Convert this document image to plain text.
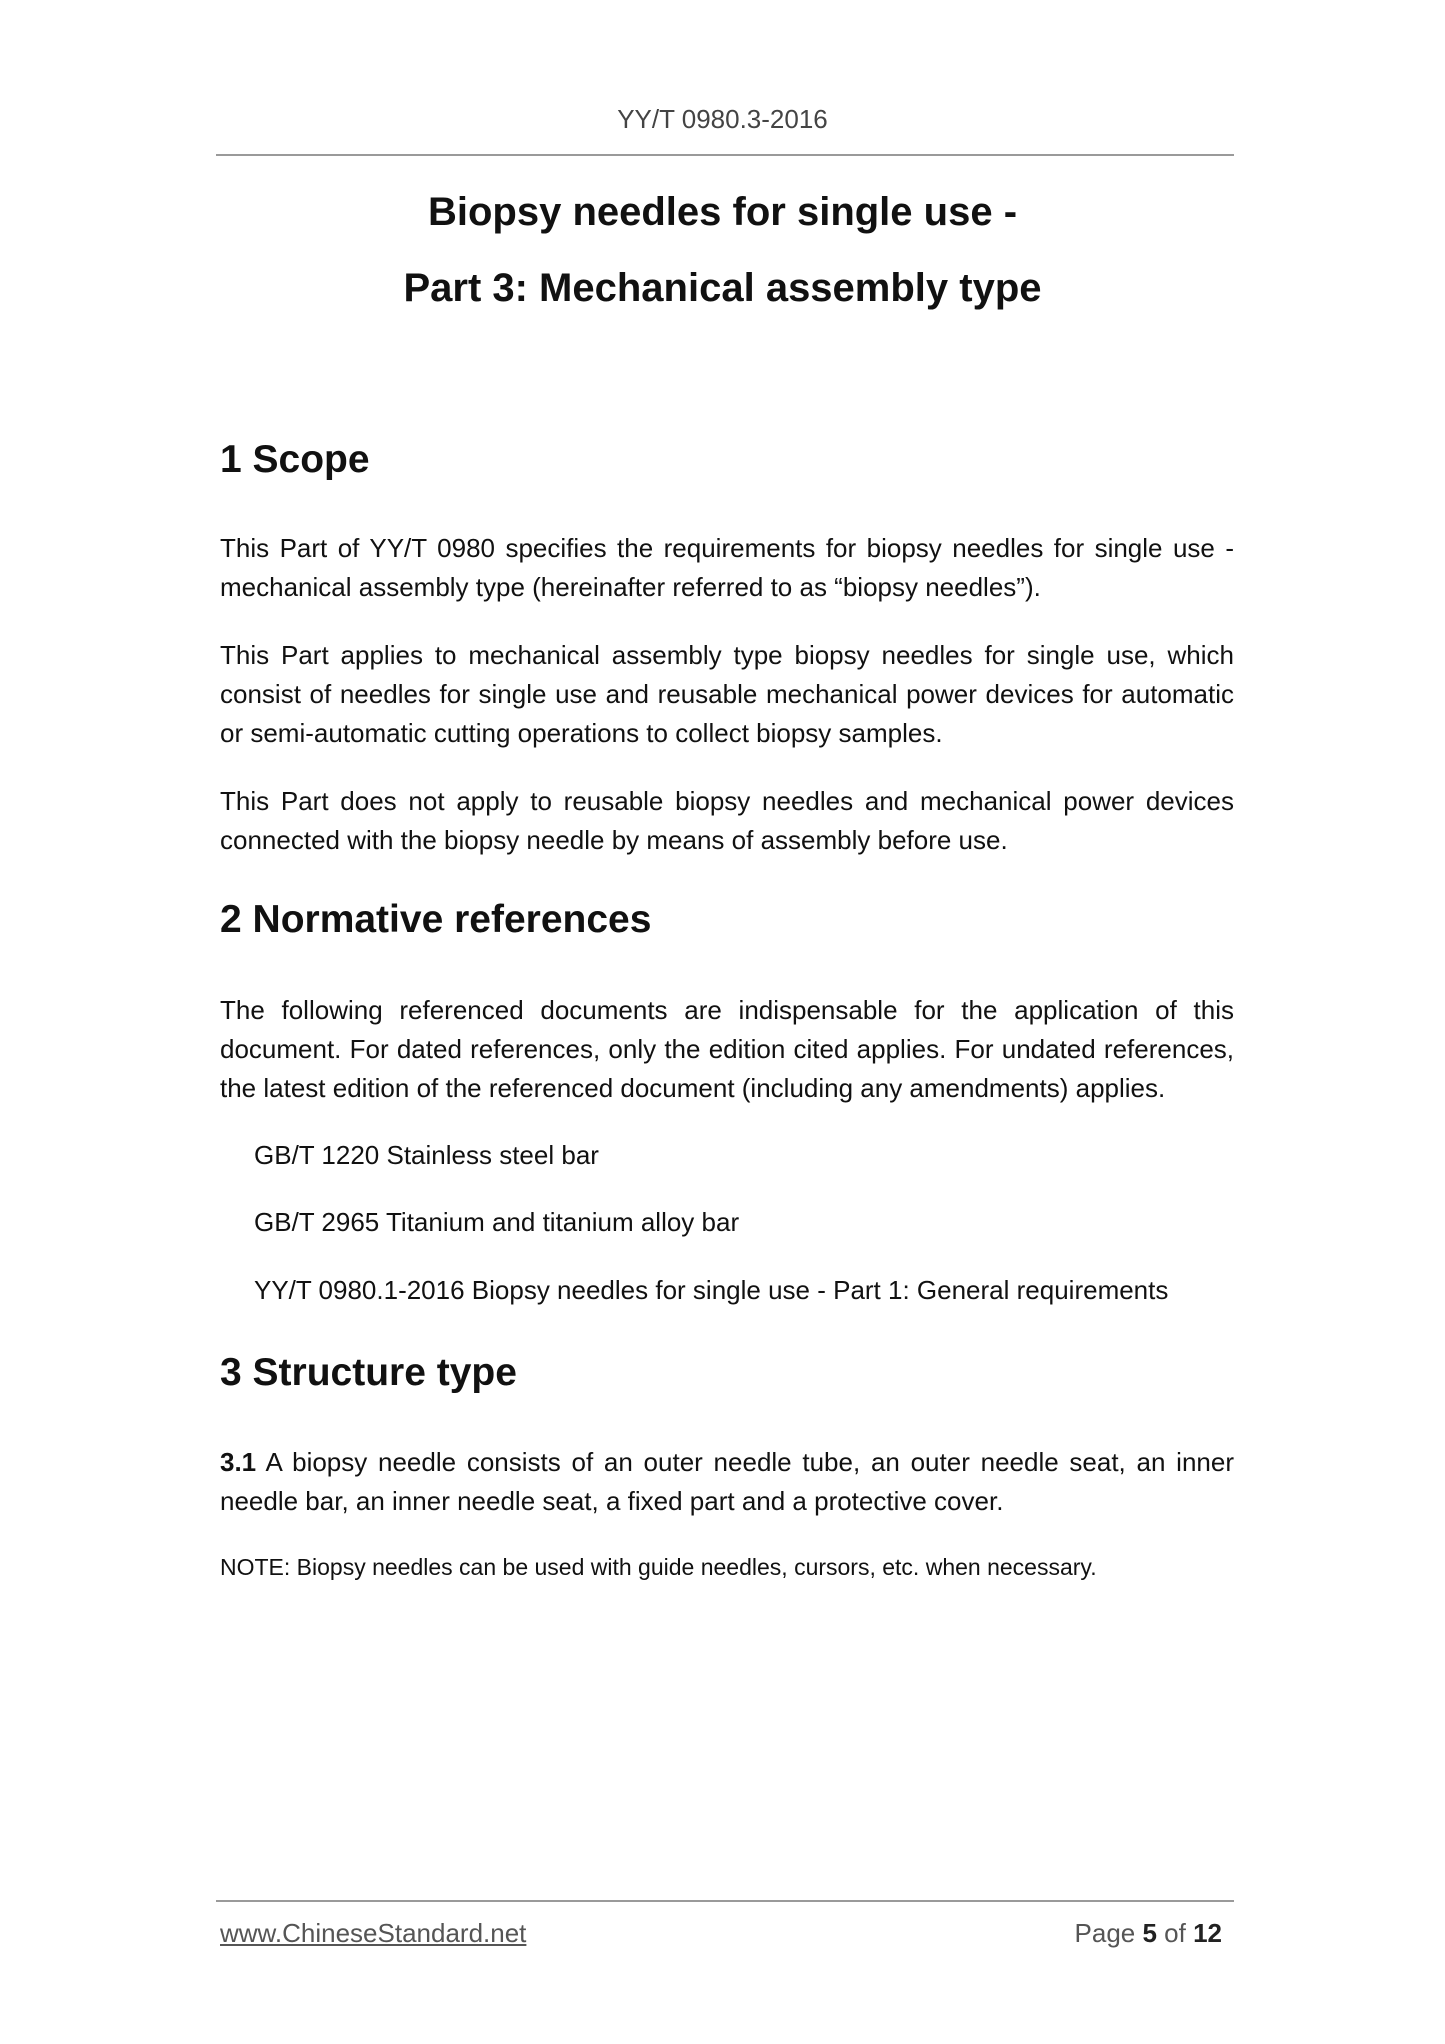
YY/T 0980.3-2016
Biopsy needles for single use -
Part 3: Mechanical assembly type
1 Scope
This Part of YY/T 0980 specifies the requirements for biopsy needles for single use - mechanical assembly type (hereinafter referred to as “biopsy needles”).
This Part applies to mechanical assembly type biopsy needles for single use, which consist of needles for single use and reusable mechanical power devices for automatic or semi-automatic cutting operations to collect biopsy samples.
This Part does not apply to reusable biopsy needles and mechanical power devices connected with the biopsy needle by means of assembly before use.
2 Normative references
The following referenced documents are indispensable for the application of this document. For dated references, only the edition cited applies. For undated references, the latest edition of the referenced document (including any amendments) applies.
GB/T 1220 Stainless steel bar
GB/T 2965 Titanium and titanium alloy bar
YY/T 0980.1-2016 Biopsy needles for single use - Part 1: General requirements
3 Structure type
3.1 A biopsy needle consists of an outer needle tube, an outer needle seat, an inner needle bar, an inner needle seat, a fixed part and a protective cover.
NOTE: Biopsy needles can be used with guide needles, cursors, etc. when necessary.
www.ChineseStandard.net	Page 5 of 12
